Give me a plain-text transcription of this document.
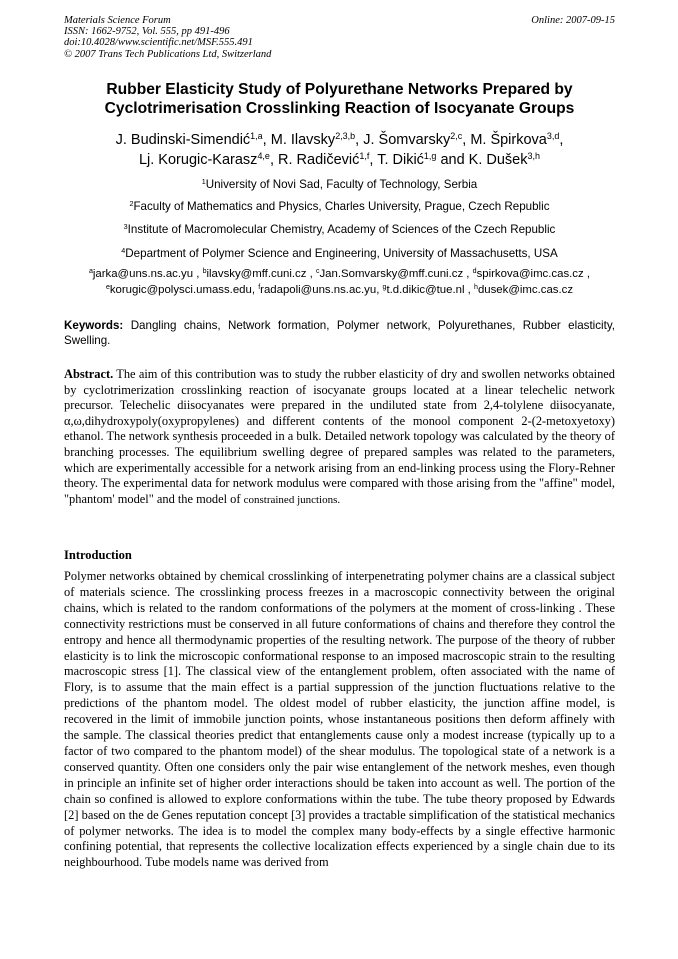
Materials Science Forum
ISSN: 1662-9752, Vol. 555, pp 491-496
doi:10.4028/www.scientific.net/MSF.555.491
© 2007 Trans Tech Publications Ltd, Switzerland
Online: 2007-09-15
Rubber Elasticity Study of Polyurethane Networks Prepared by Cyclotrimerisation Crosslinking Reaction of Isocyanate Groups
J. Budinski-Simendić$^{1,a}$, M. Ilavsky$^{2,3,b}$, J. Šomvarsky$^{2,c}$, M. Špirkova$^{3,d}$,
Lj. Korugic-Karasz$^{4,e}$, R. Radičević$^{1,f}$, T. Dikić$^{1,g}$ and K. Dušek$^{3,h}$
$^1$University of Novi Sad, Faculty of Technology, Serbia
$^2$Faculty of Mathematics and Physics, Charles University, Prague, Czech Republic
$^3$Institute of Macromolecular Chemistry, Academy of Sciences of the Czech Republic
$^4$Department of Polymer Science and Engineering, University of Massachusetts, USA
$^a$jarka@uns.ns.ac.yu , $^b$ilavsky@mff.cuni.cz , $^c$Jan.Somvarsky@mff.cuni.cz , $^d$spirkova@imc.cas.cz ,
$^e$korugic@polysci.umass.edu, $^f$radapoli@uns.ns.ac.yu, $^g$t.d.dikic@tue.nl , $^h$dusek@imc.cas.cz
Keywords: Dangling chains, Network formation, Polymer network, Polyurethanes, Rubber elasticity, Swelling.
Abstract. The aim of this contribution was to study the rubber elasticity of dry and swollen networks obtained by cyclotrimerization crosslinking reaction of isocyanate groups located at a linear telechelic network precursor. Telechelic diisocyanates were prepared in the undiluted state from 2,4-tolylene diisocyanate, α,ω,dihydroxypoly(oxypropylenes) and different contents of the monool component 2-(2-metoxyetoxy) ethanol. The network synthesis proceeded in a bulk. Detailed network topology was calculated by the theory of branching processes. The equilibrium swelling degree of prepared samples was related to the parameters, which are experimentally accessible for a network arising from an end-linking process using the Flory-Rehner theory. The experimental data for network modulus were compared with those arising from the "affine" model, "phantom' model" and the model of constrained junctions.
Introduction
Polymer networks obtained by chemical crosslinking of interpenetrating polymer chains are a classical subject of materials science. The crosslinking process freezes in a macroscopic connectivity between the original chains, which is related to the random conformations of the polymers at the moment of cross-linking . These connectivity restrictions must be conserved in all future conformations of chains and therefore they control the entropy and hence all thermodynamic properties of the resulting network. The purpose of the theory of rubber elasticity is to link the microscopic conformational response to an imposed macroscopic strain to the resulting macroscopic stress [1]. The classical view of the entanglement problem, often associated with the name of Flory, is to assume that the main effect is a partial suppression of the junction fluctuations relative to the predictions of the phantom model. The oldest model of rubber elasticity, the junction affine model, is recovered in the limit of immobile junction points, whose instantaneous positions then deform affinely with the sample. The classical theories predict that entanglements cause only a modest increase (typically up to a factor of two compared to the phantom model) of the shear modulus. The topological state of a network is a conserved quantity. Often one considers only the pair wise entanglement of the network meshes, even though in principle an infinite set of higher order interactions should be taken into account as well. The portion of the chain so confined is allowed to explore conformations within the tube. The tube theory proposed by Edwards [2] based on the de Genes reputation concept [3] provides a tractable simplification of the statistical mechanics of polymer networks. The idea is to model the complex many body-effects by a single effective harmonic confining potential, that represents the collective localization effects experienced by a single chain due to its neighbourhood. Tube models name was derived from
